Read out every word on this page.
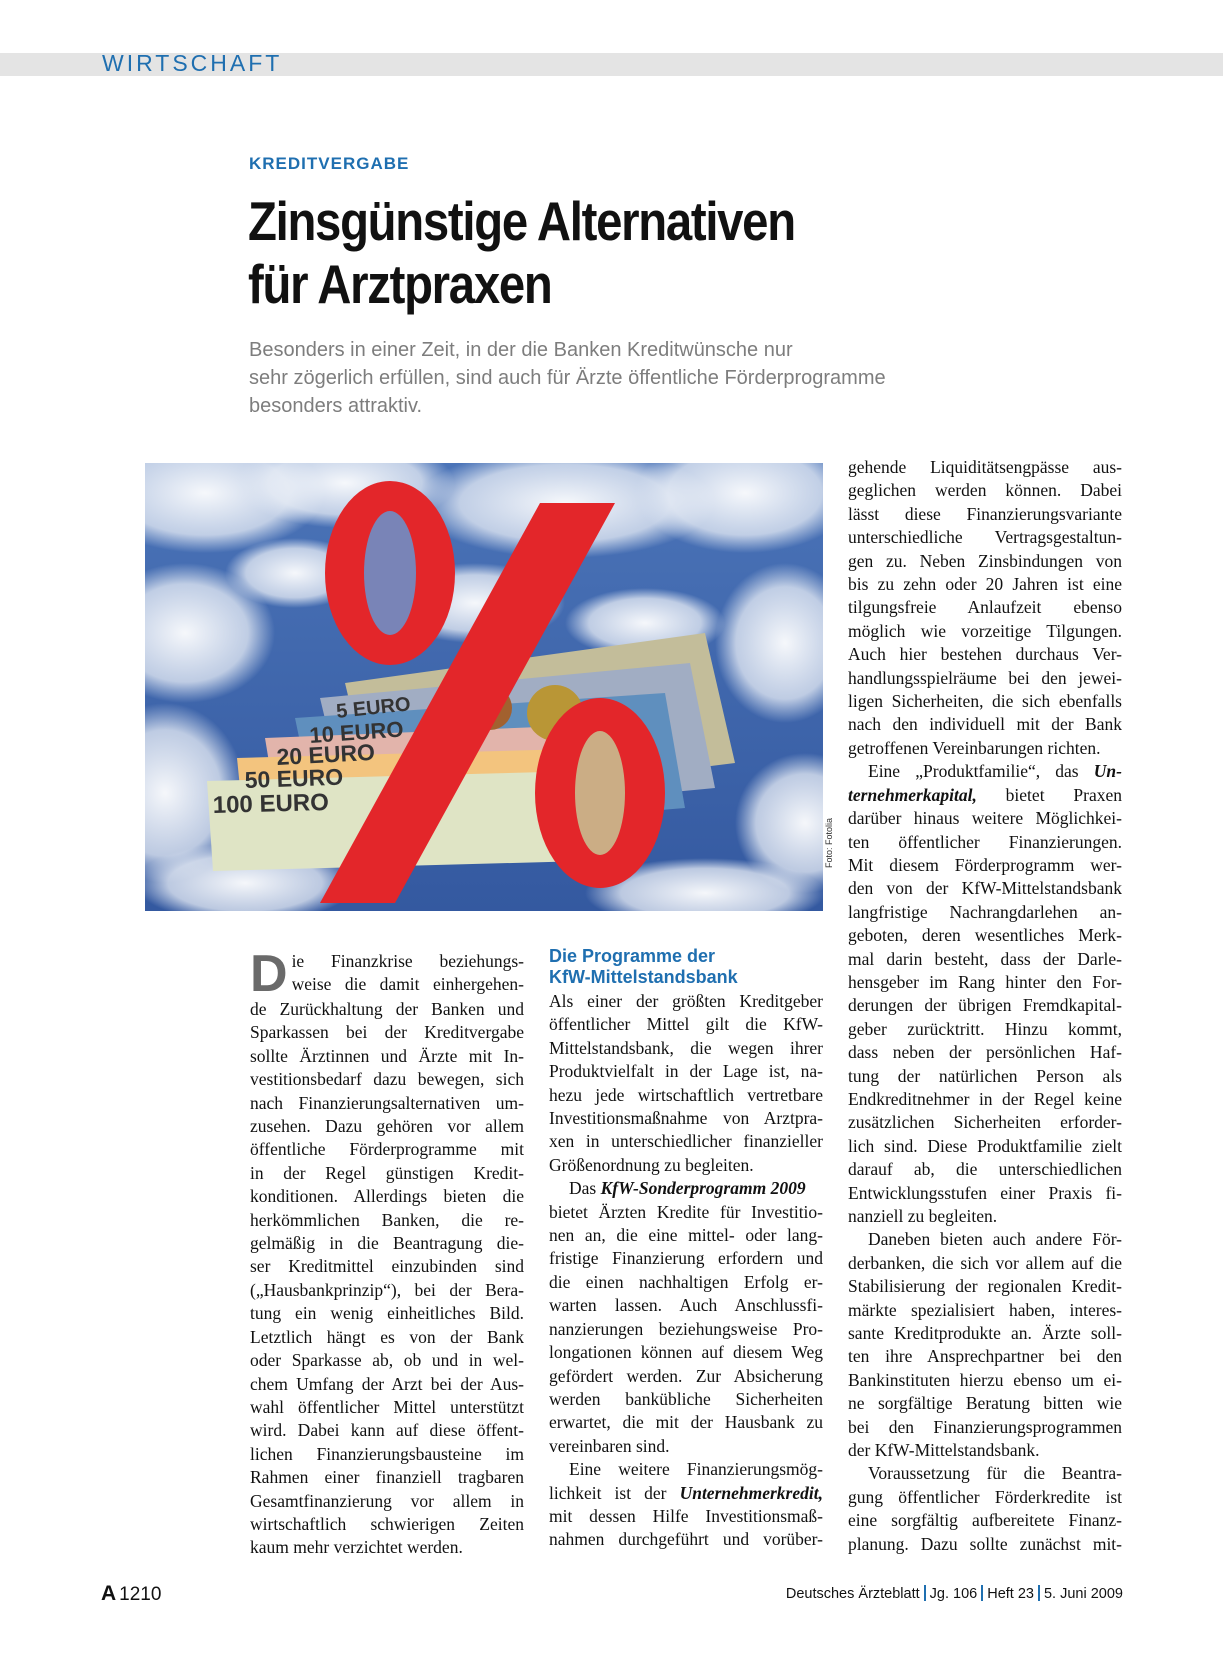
WIRTSCHAFT
KREDITVERGABE
Zinsgünstige Alternativen
für Arztpraxen
Besonders in einer Zeit, in der die Banken Kreditwünsche nur
sehr zögerlich erfüllen, sind auch für Ärzte öffentliche Förderprogramme
besonders attraktiv.
5 EURO
10 EURO
20 EURO
50 EURO
100 EURO
Foto: Fotolia
D ie Finanzkrise beziehungs-
weise die damit einhergehen-
de Zurückhaltung der Banken und
Sparkassen bei der Kreditvergabe
sollte Ärztinnen und Ärzte mit In-
vestitionsbedarf dazu bewegen, sich
nach Finanzierungsalternativen um-
zusehen. Dazu gehören vor allem
öffentliche Förderprogramme mit
in der Regel günstigen Kredit-
konditionen. Allerdings bieten die
herkömmlichen Banken, die re-
gelmäßig in die Beantragung die-
ser Kreditmittel einzubinden sind
(„Hausbankprinzip“), bei der Bera-
tung ein wenig einheitliches Bild.
Letztlich hängt es von der Bank
oder Sparkasse ab, ob und in wel-
chem Umfang der Arzt bei der Aus-
wahl öffentlicher Mittel unterstützt
wird. Dabei kann auf diese öffent-
lichen Finanzierungsbausteine im
Rahmen einer finanziell tragbaren
Gesamtfinanzierung vor allem in
wirtschaftlich schwierigen Zeiten
kaum mehr verzichtet werden.
Die Programme der
KfW-Mittelstandsbank
Als einer der größten Kreditgeber
öffentlicher Mittel gilt die KfW-
Mittelstandsbank, die wegen ihrer
Produktvielfalt in der Lage ist, na-
hezu jede wirtschaftlich vertretbare
Investitionsmaßnahme von Arztpra-
xen in unterschiedlicher finanzieller
Größenordnung zu begleiten.
Das KfW-Sonderprogramm 2009
bietet Ärzten Kredite für Investitio-
nen an, die eine mittel- oder lang-
fristige Finanzierung erfordern und
die einen nachhaltigen Erfolg er-
warten lassen. Auch Anschlussfi-
nanzierungen beziehungsweise Pro-
longationen können auf diesem Weg
gefördert werden. Zur Absicherung
werden bankübliche Sicherheiten
erwartet, die mit der Hausbank zu
vereinbaren sind.
Eine weitere Finanzierungsmög-
lichkeit ist der Unternehmerkredit,
mit dessen Hilfe Investitionsmaß-
nahmen durchgeführt und vorüber-
gehende Liquiditätsengpässe aus-
geglichen werden können. Dabei
lässt diese Finanzierungsvariante
unterschiedliche Vertragsgestaltun-
gen zu. Neben Zinsbindungen von
bis zu zehn oder 20 Jahren ist eine
tilgungsfreie Anlaufzeit ebenso
möglich wie vorzeitige Tilgungen.
Auch hier bestehen durchaus Ver-
handlungsspielräume bei den jewei-
ligen Sicherheiten, die sich ebenfalls
nach den individuell mit der Bank
getroffenen Vereinbarungen richten.
Eine „Produktfamilie“, das Un-
ternehmerkapital, bietet Praxen
darüber hinaus weitere Möglichkei-
ten öffentlicher Finanzierungen.
Mit diesem Förderprogramm wer-
den von der KfW-Mittelstandsbank
langfristige Nachrangdarlehen an-
geboten, deren wesentliches Merk-
mal darin besteht, dass der Darle-
hensgeber im Rang hinter den For-
derungen der übrigen Fremdkapital-
geber zurücktritt. Hinzu kommt,
dass neben der persönlichen Haf-
tung der natürlichen Person als
Endkreditnehmer in der Regel keine
zusätzlichen Sicherheiten erforder-
lich sind. Diese Produktfamilie zielt
darauf ab, die unterschiedlichen
Entwicklungsstufen einer Praxis fi-
nanziell zu begleiten.
Daneben bieten auch andere För-
derbanken, die sich vor allem auf die
Stabilisierung der regionalen Kredit-
märkte spezialisiert haben, interes-
sante Kreditprodukte an. Ärzte soll-
ten ihre Ansprechpartner bei den
Bankinstituten hierzu ebenso um ei-
ne sorgfältige Beratung bitten wie
bei den Finanzierungsprogrammen
der KfW-Mittelstandsbank.
Voraussetzung für die Beantra-
gung öffentlicher Förderkredite ist
eine sorgfältig aufbereitete Finanz-
planung. Dazu sollte zunächst mit-
A 1210	Deutsches Ärzteblatt Jg. 106 Heft 23 5. Juni 2009
